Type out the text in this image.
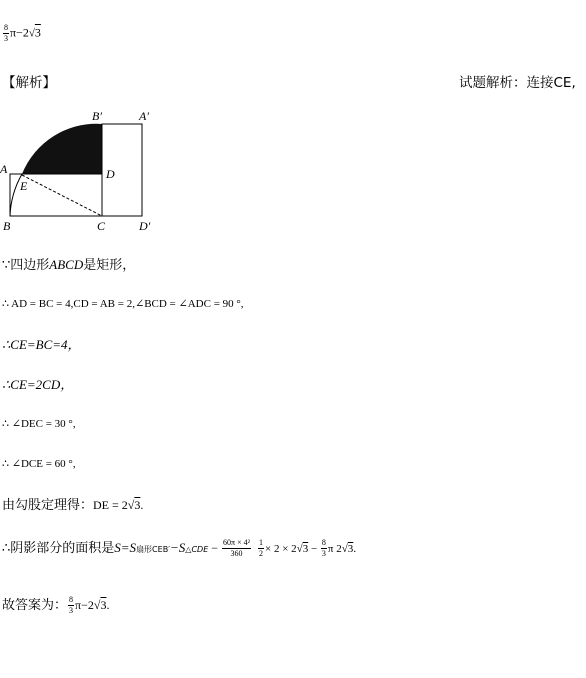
$\frac{8}{3} \pi-2√3$
【解析】	试题解析：连接CE,
A
E
D
B	C	D′
B′	A′
∵四边形ABCD是矩形，
∴ AD = BC = 4,CD = AB = 2,∠BCD = ∠ADC = 90 °,
∴CE=BC=4，
∴CE=2CD，
∴ ∠DEC = 30 °,
∴ ∠DCE = 60 °,
由勾股定理得：DE = 2√3.
∴阴影部分的面积是S=S扇形CEB′−S△CDE − $\frac{\text{60π × 4²}}{360} \frac{1}{2} \times 2 \times 2√3 - \frac{8}{3}$ π 2√3.
故答案为： $\frac{8}{3} \pi-2√3$.
